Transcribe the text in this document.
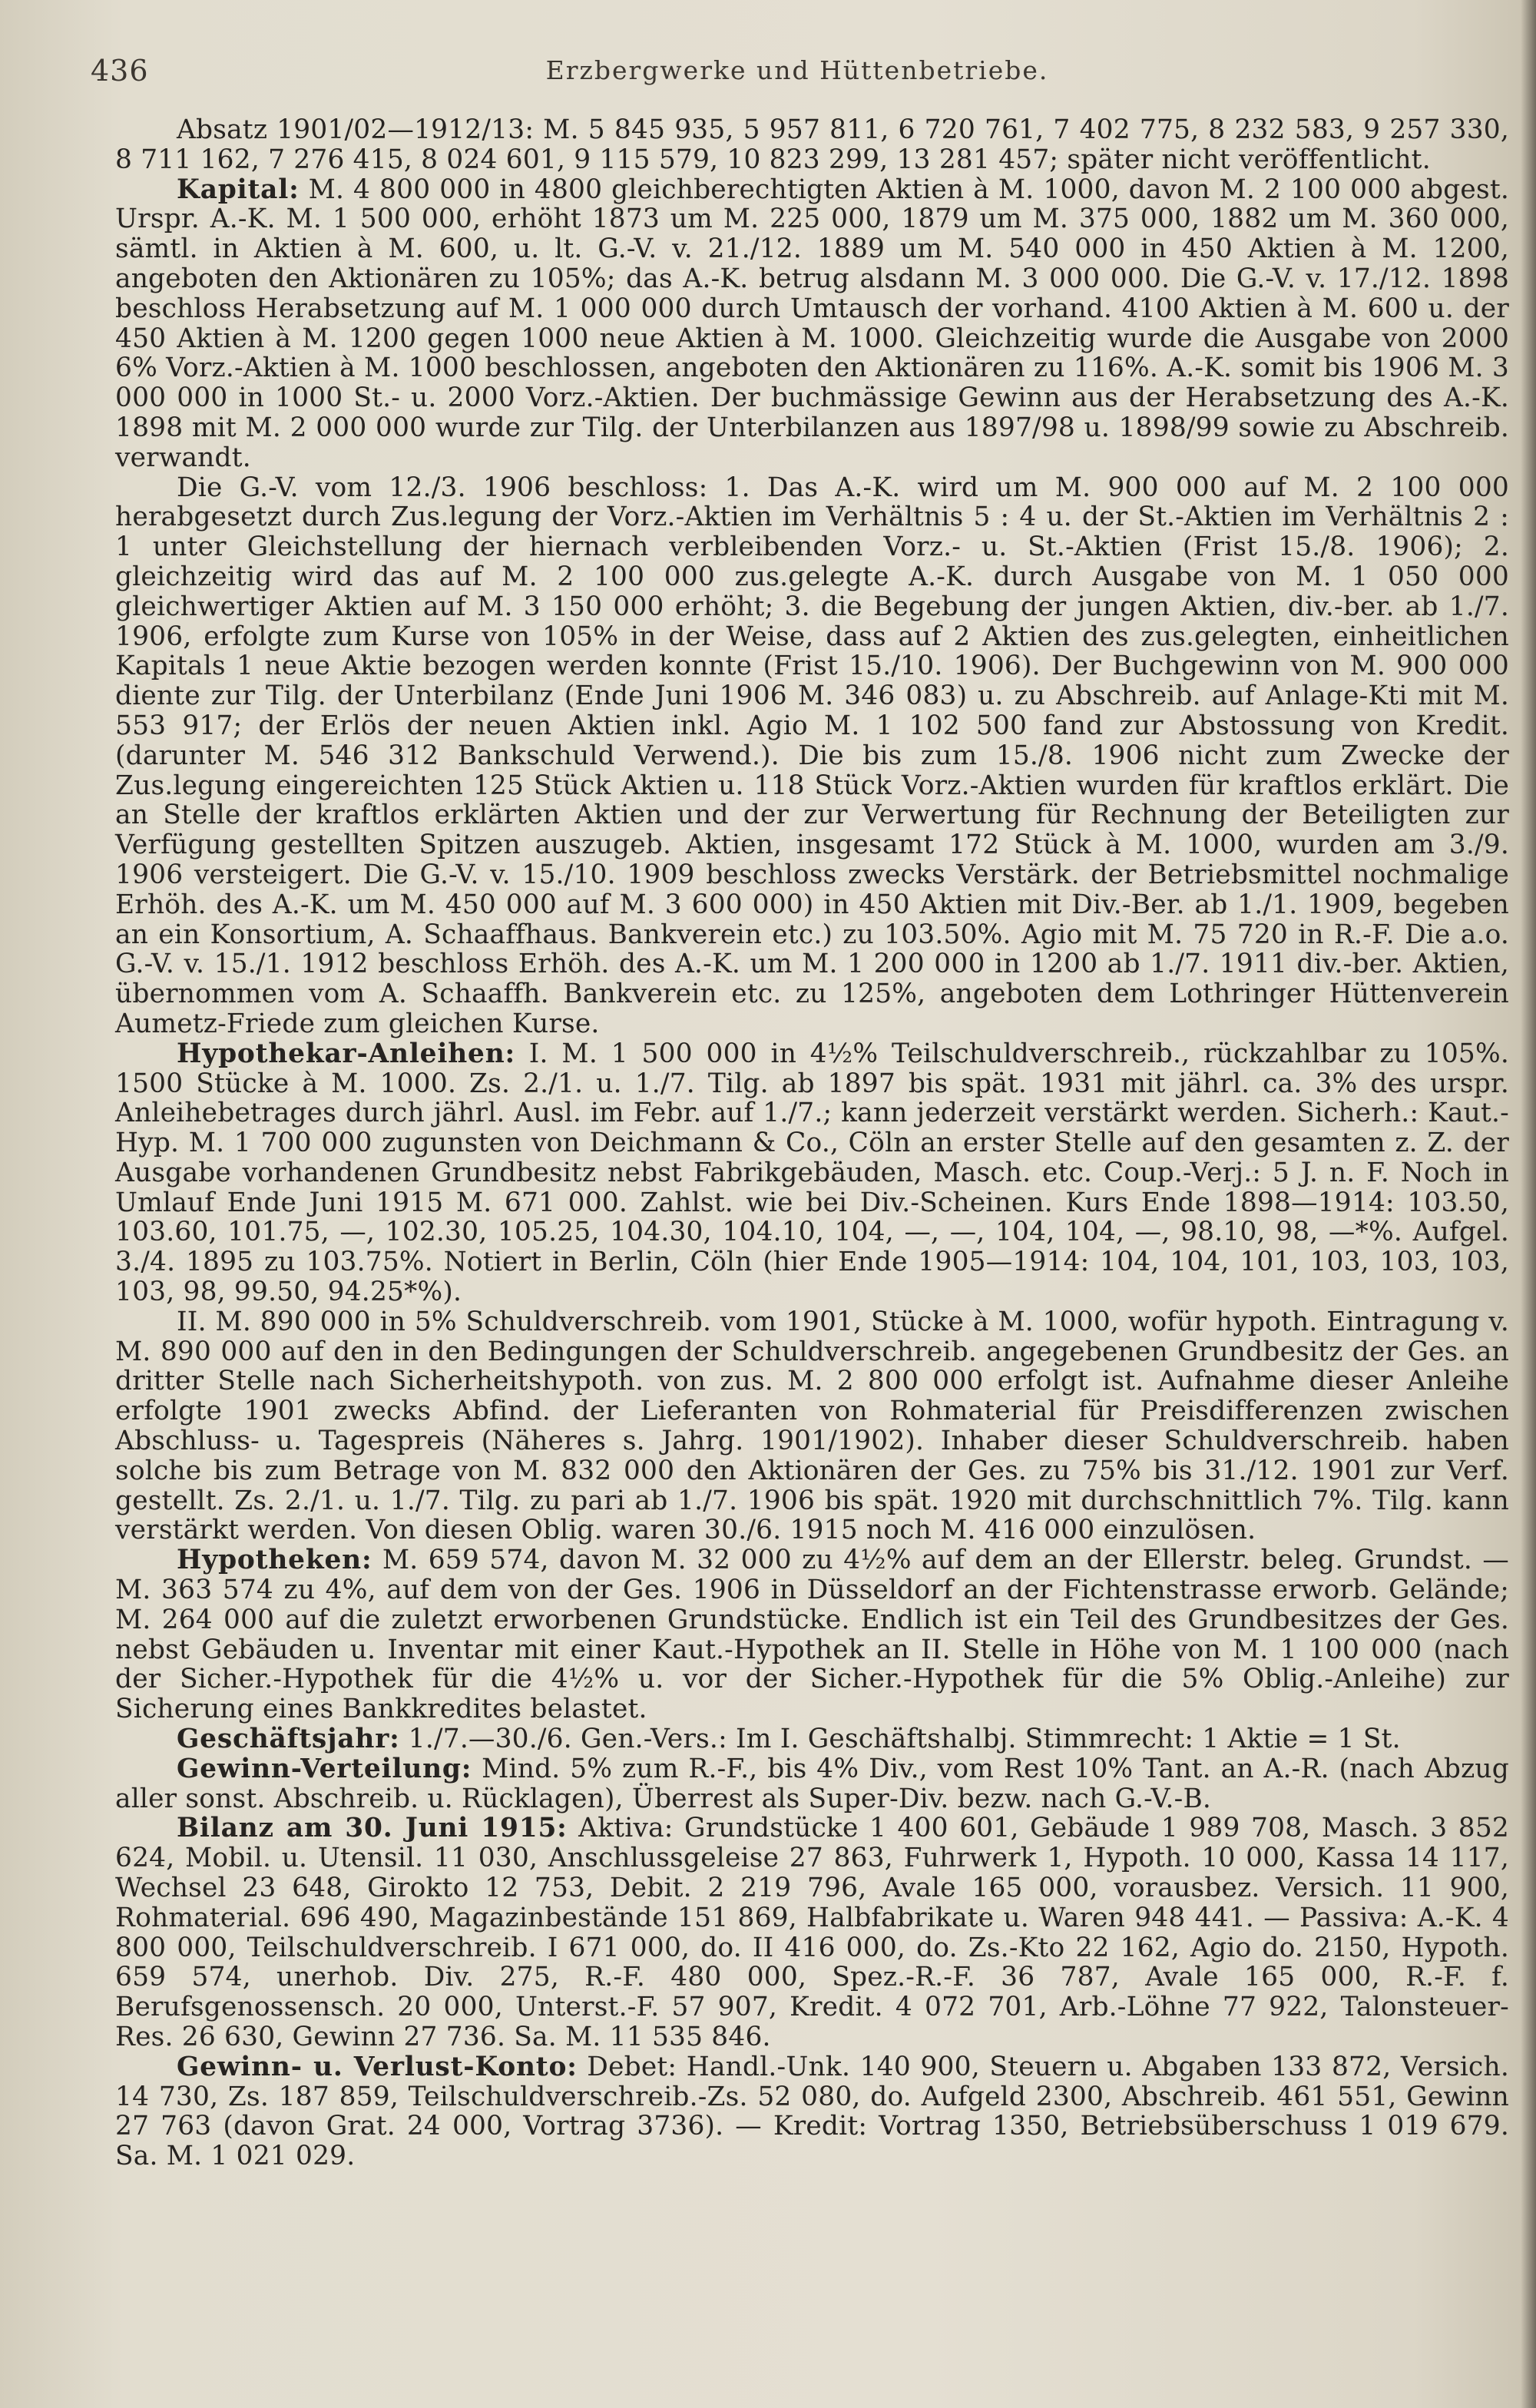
436	Erzbergwerke und Hüttenbetriebe.

Absatz 1901/02—1912/13: M. 5 845 935, 5 957 811, 6 720 761, 7 402 775, 8 232 583, 9 257 330, 8 711 162, 7 276 415, 8 024 601, 9 115 579, 10 823 299, 13 281 457; später nicht veröffentlicht.

Kapital: M. 4 800 000 in 4800 gleichberechtigten Aktien à M. 1000, davon M. 2 100 000 abgest. Urspr. A.-K. M. 1 500 000, erhöht 1873 um M. 225 000, 1879 um M. 375 000, 1882 um M. 360 000, sämtl. in Aktien à M. 600, u. lt. G.-V. v. 21./12. 1889 um M. 540 000 in 450 Aktien à M. 1200, angeboten den Aktionären zu 105%; das A.-K. betrug alsdann M. 3 000 000. Die G.-V. v. 17./12. 1898 beschloss Herabsetzung auf M. 1 000 000 durch Umtausch der vorhand. 4100 Aktien à M. 600 u. der 450 Aktien à M. 1200 gegen 1000 neue Aktien à M. 1000. Gleichzeitig wurde die Ausgabe von 2000 6% Vorz.-Aktien à M. 1000 beschlossen, angeboten den Aktionären zu 116%. A.-K. somit bis 1906 M. 3 000 000 in 1000 St.- u. 2000 Vorz.-Aktien. Der buchmässige Gewinn aus der Herabsetzung des A.-K. 1898 mit M. 2 000 000 wurde zur Tilg. der Unterbilanzen aus 1897/98 u. 1898/99 sowie zu Abschreib. verwandt.

Die G.-V. vom 12./3. 1906 beschloss: 1. Das A.-K. wird um M. 900 000 auf M. 2 100 000 herabgesetzt durch Zus.legung der Vorz.-Aktien im Verhältnis 5 : 4 u. der St.-Aktien im Verhältnis 2 : 1 unter Gleichstellung der hiernach verbleibenden Vorz.- u. St.-Aktien (Frist 15./8. 1906); 2. gleichzeitig wird das auf M. 2 100 000 zus.gelegte A.-K. durch Ausgabe von M. 1 050 000 gleichwertiger Aktien auf M. 3 150 000 erhöht; 3. die Begebung der jungen Aktien, div.-ber. ab 1./7. 1906, erfolgte zum Kurse von 105% in der Weise, dass auf 2 Aktien des zus.gelegten, einheitlichen Kapitals 1 neue Aktie bezogen werden konnte (Frist 15./10. 1906). Der Buchgewinn von M. 900 000 diente zur Tilg. der Unterbilanz (Ende Juni 1906 M. 346 083) u. zu Abschreib. auf Anlage-Kti mit M. 553 917; der Erlös der neuen Aktien inkl. Agio M. 1 102 500 fand zur Abstossung von Kredit. (darunter M. 546 312 Bankschuld Verwend.). Die bis zum 15./8. 1906 nicht zum Zwecke der Zus.legung eingereichten 125 Stück Aktien u. 118 Stück Vorz.-Aktien wurden für kraftlos erklärt. Die an Stelle der kraftlos erklärten Aktien und der zur Verwertung für Rechnung der Beteiligten zur Verfügung gestellten Spitzen auszugeb. Aktien, insgesamt 172 Stück à M. 1000, wurden am 3./9. 1906 versteigert. Die G.-V. v. 15./10. 1909 beschloss zwecks Verstärk. der Betriebsmittel nochmalige Erhöh. des A.-K. um M. 450 000 auf M. 3 600 000) in 450 Aktien mit Div.-Ber. ab 1./1. 1909, begeben an ein Konsortium, A. Schaaffhaus. Bankverein etc.) zu 103.50%. Agio mit M. 75 720 in R.-F. Die a.o. G.-V. v. 15./1. 1912 beschloss Erhöh. des A.-K. um M. 1 200 000 in 1200 ab 1./7. 1911 div.-ber. Aktien, übernommen vom A. Schaaffh. Bankverein etc. zu 125%, angeboten dem Lothringer Hüttenverein Aumetz-Friede zum gleichen Kurse.

Hypothekar-Anleihen: I. M. 1 500 000 in 4½% Teilschuldverschreib., rückzahlbar zu 105%. 1500 Stücke à M. 1000. Zs. 2./1. u. 1./7. Tilg. ab 1897 bis spät. 1931 mit jährl. ca. 3% des urspr. Anleihebetrages durch jährl. Ausl. im Febr. auf 1./7.; kann jederzeit verstärkt werden. Sicherh.: Kaut.-Hyp. M. 1 700 000 zugunsten von Deichmann & Co., Cöln an erster Stelle auf den gesamten z. Z. der Ausgabe vorhandenen Grundbesitz nebst Fabrikgebäuden, Masch. etc. Coup.-Verj.: 5 J. n. F. Noch in Umlauf Ende Juni 1915 M. 671 000. Zahlst. wie bei Div.-Scheinen. Kurs Ende 1898—1914: 103.50, 103.60, 101.75, —, 102.30, 105.25, 104.30, 104.10, 104, —, —, 104, 104, —, 98.10, 98, —*%. Aufgel. 3./4. 1895 zu 103.75%. Notiert in Berlin, Cöln (hier Ende 1905—1914: 104, 104, 101, 103, 103, 103, 103, 98, 99.50, 94.25*%).

II. M. 890 000 in 5% Schuldverschreib. vom 1901, Stücke à M. 1000, wofür hypoth. Eintragung v. M. 890 000 auf den in den Bedingungen der Schuldverschreib. angegebenen Grundbesitz der Ges. an dritter Stelle nach Sicherheitshypoth. von zus. M. 2 800 000 erfolgt ist. Aufnahme dieser Anleihe erfolgte 1901 zwecks Abfind. der Lieferanten von Rohmaterial für Preisdifferenzen zwischen Abschluss- u. Tagespreis (Näheres s. Jahrg. 1901/1902). Inhaber dieser Schuldverschreib. haben solche bis zum Betrage von M. 832 000 den Aktionären der Ges. zu 75% bis 31./12. 1901 zur Verf. gestellt. Zs. 2./1. u. 1./7. Tilg. zu pari ab 1./7. 1906 bis spät. 1920 mit durchschnittlich 7%. Tilg. kann verstärkt werden. Von diesen Oblig. waren 30./6. 1915 noch M. 416 000 einzulösen.

Hypotheken: M. 659 574, davon M. 32 000 zu 4½% auf dem an der Ellerstr. beleg. Grundst. — M. 363 574 zu 4%, auf dem von der Ges. 1906 in Düsseldorf an der Fichtenstrasse erworb. Gelände; M. 264 000 auf die zuletzt erworbenen Grundstücke. Endlich ist ein Teil des Grundbesitzes der Ges. nebst Gebäuden u. Inventar mit einer Kaut.-Hypothek an II. Stelle in Höhe von M. 1 100 000 (nach der Sicher.-Hypothek für die 4½% u. vor der Sicher.-Hypothek für die 5% Oblig.-Anleihe) zur Sicherung eines Bankkredites belastet.

Geschäftsjahr: 1./7.—30./6. Gen.-Vers.: Im I. Geschäftshalbj. Stimmrecht: 1 Aktie = 1 St.

Gewinn-Verteilung: Mind. 5% zum R.-F., bis 4% Div., vom Rest 10% Tant. an A.-R. (nach Abzug aller sonst. Abschreib. u. Rücklagen), Überrest als Super-Div. bezw. nach G.-V.-B.

Bilanz am 30. Juni 1915: Aktiva: Grundstücke 1 400 601, Gebäude 1 989 708, Masch. 3 852 624, Mobil. u. Utensil. 11 030, Anschlussgeleise 27 863, Fuhrwerk 1, Hypoth. 10 000, Kassa 14 117, Wechsel 23 648, Girokto 12 753, Debit. 2 219 796, Avale 165 000, vorausbez. Versich. 11 900, Rohmaterial. 696 490, Magazinbestände 151 869, Halbfabrikate u. Waren 948 441. — Passiva: A.-K. 4 800 000, Teilschuldverschreib. I 671 000, do. II 416 000, do. Zs.-Kto 22 162, Agio do. 2150, Hypoth. 659 574, unerhob. Div. 275, R.-F. 480 000, Spez.-R.-F. 36 787, Avale 165 000, R.-F. f. Berufsgenossensch. 20 000, Unterst.-F. 57 907, Kredit. 4 072 701, Arb.-Löhne 77 922, Talonsteuer-Res. 26 630, Gewinn 27 736. Sa. M. 11 535 846.

Gewinn- u. Verlust-Konto: Debet: Handl.-Unk. 140 900, Steuern u. Abgaben 133 872, Versich. 14 730, Zs. 187 859, Teilschuldverschreib.-Zs. 52 080, do. Aufgeld 2300, Abschreib. 461 551, Gewinn 27 763 (davon Grat. 24 000, Vortrag 3736). — Kredit: Vortrag 1350, Betriebsüberschuss 1 019 679. Sa. M. 1 021 029.
